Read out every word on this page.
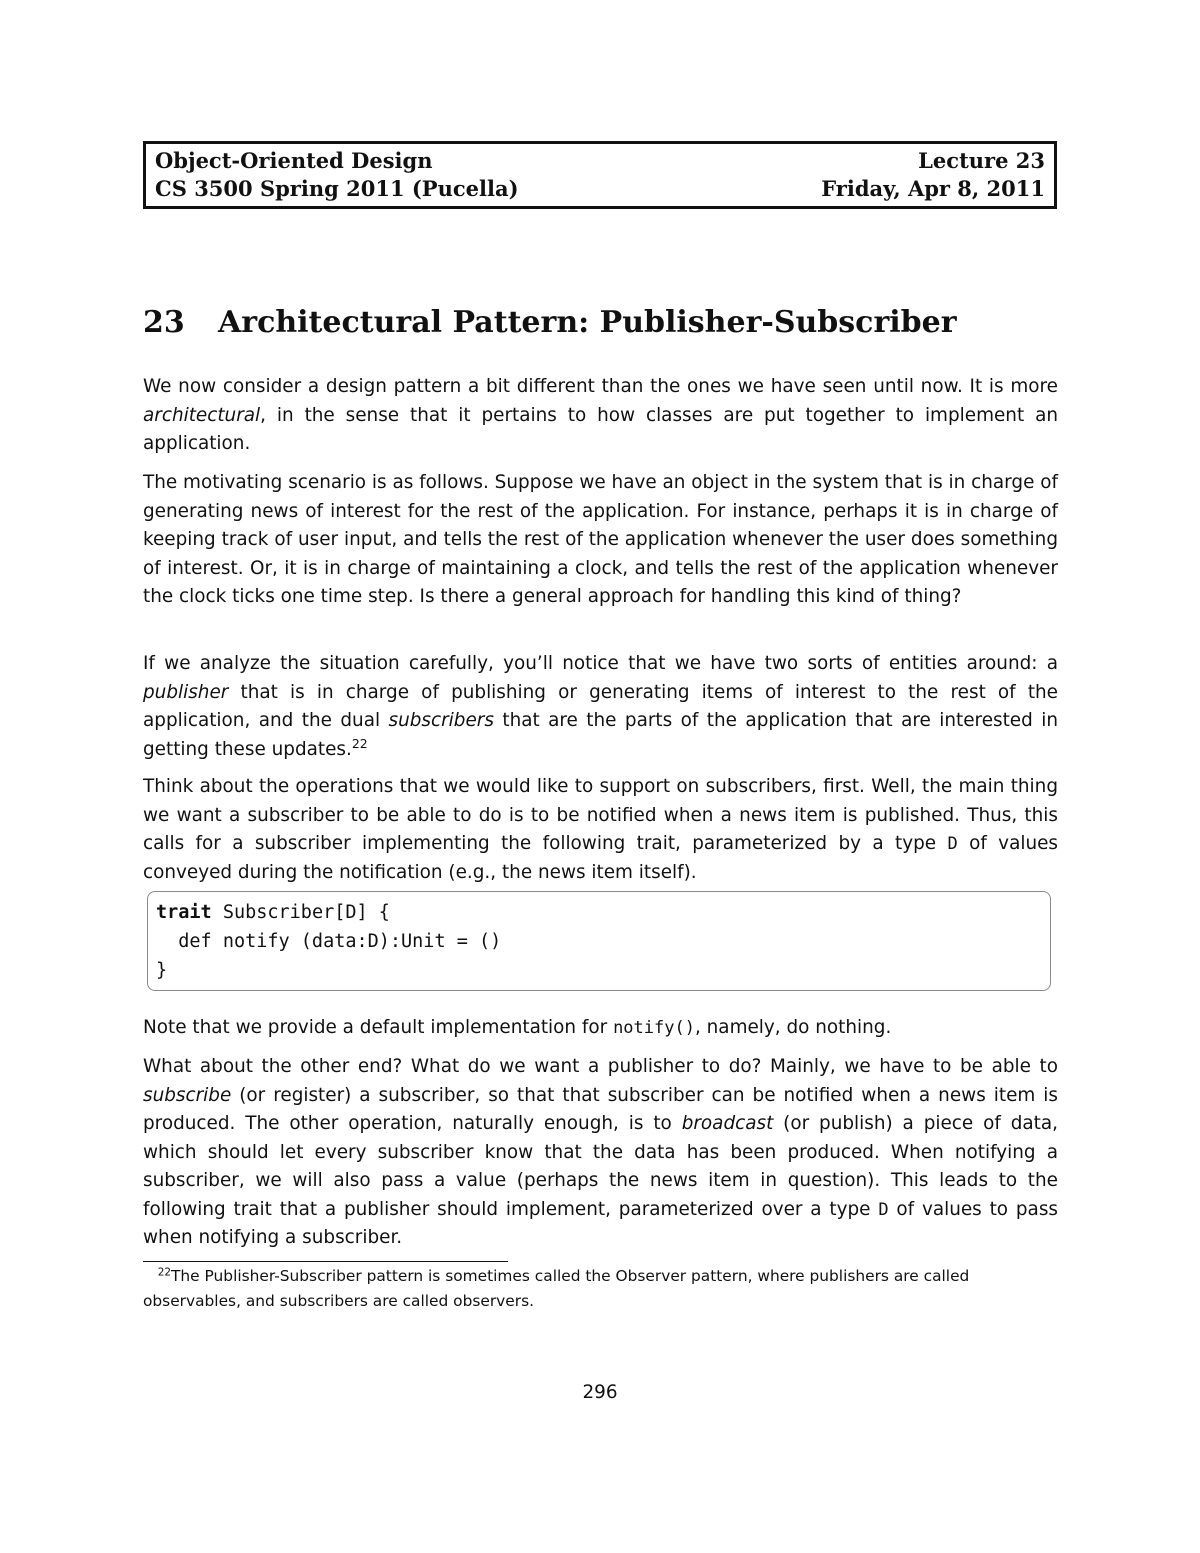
Object-Oriented Design	Lecture 23
CS 3500 Spring 2011 (Pucella)	Friday, Apr 8, 2011
23 Architectural Pattern: Publisher-Subscriber

We now consider a design pattern a bit different than the ones we have seen until now. It is more architectural, in the sense that it pertains to how classes are put together to implement an application.

The motivating scenario is as follows. Suppose we have an object in the system that is in charge of generating news of interest for the rest of the application. For instance, perhaps it is in charge of keeping track of user input, and tells the rest of the application whenever the user does something of interest. Or, it is in charge of maintaining a clock, and tells the rest of the application whenever the clock ticks one time step. Is there a general approach for handling this kind of thing?

If we analyze the situation carefully, you’ll notice that we have two sorts of entities around: a publisher that is in charge of publishing or generating items of interest to the rest of the application, and the dual subscribers that are the parts of the application that are interested in getting these updates.$^{22}$

Think about the operations that we would like to support on subscribers, first. Well, the main thing we want a subscriber to be able to do is to be notified when a news item is published. Thus, this calls for a subscriber implementing the following trait, parameterized by a type D of values conveyed during the notification (e.g., the news item itself).

trait Subscriber[D] {
def notify (data:D):Unit = ()
}

Note that we provide a default implementation for notify(), namely, do nothing.

What about the other end? What do we want a publisher to do? Mainly, we have to be able to subscribe (or register) a subscriber, so that that subscriber can be notified when a news item is produced. The other operation, naturally enough, is to broadcast (or publish) a piece of data, which should let every subscriber know that the data has been produced. When notifying a subscriber, we will also pass a value (perhaps the news item in question). This leads to the following trait that a publisher should implement, parameterized over a type D of values to pass when notifying a subscriber.

$^{22}$The Publisher-Subscriber pattern is sometimes called the Observer pattern, where publishers are called observables, and subscribers are called observers.

296
